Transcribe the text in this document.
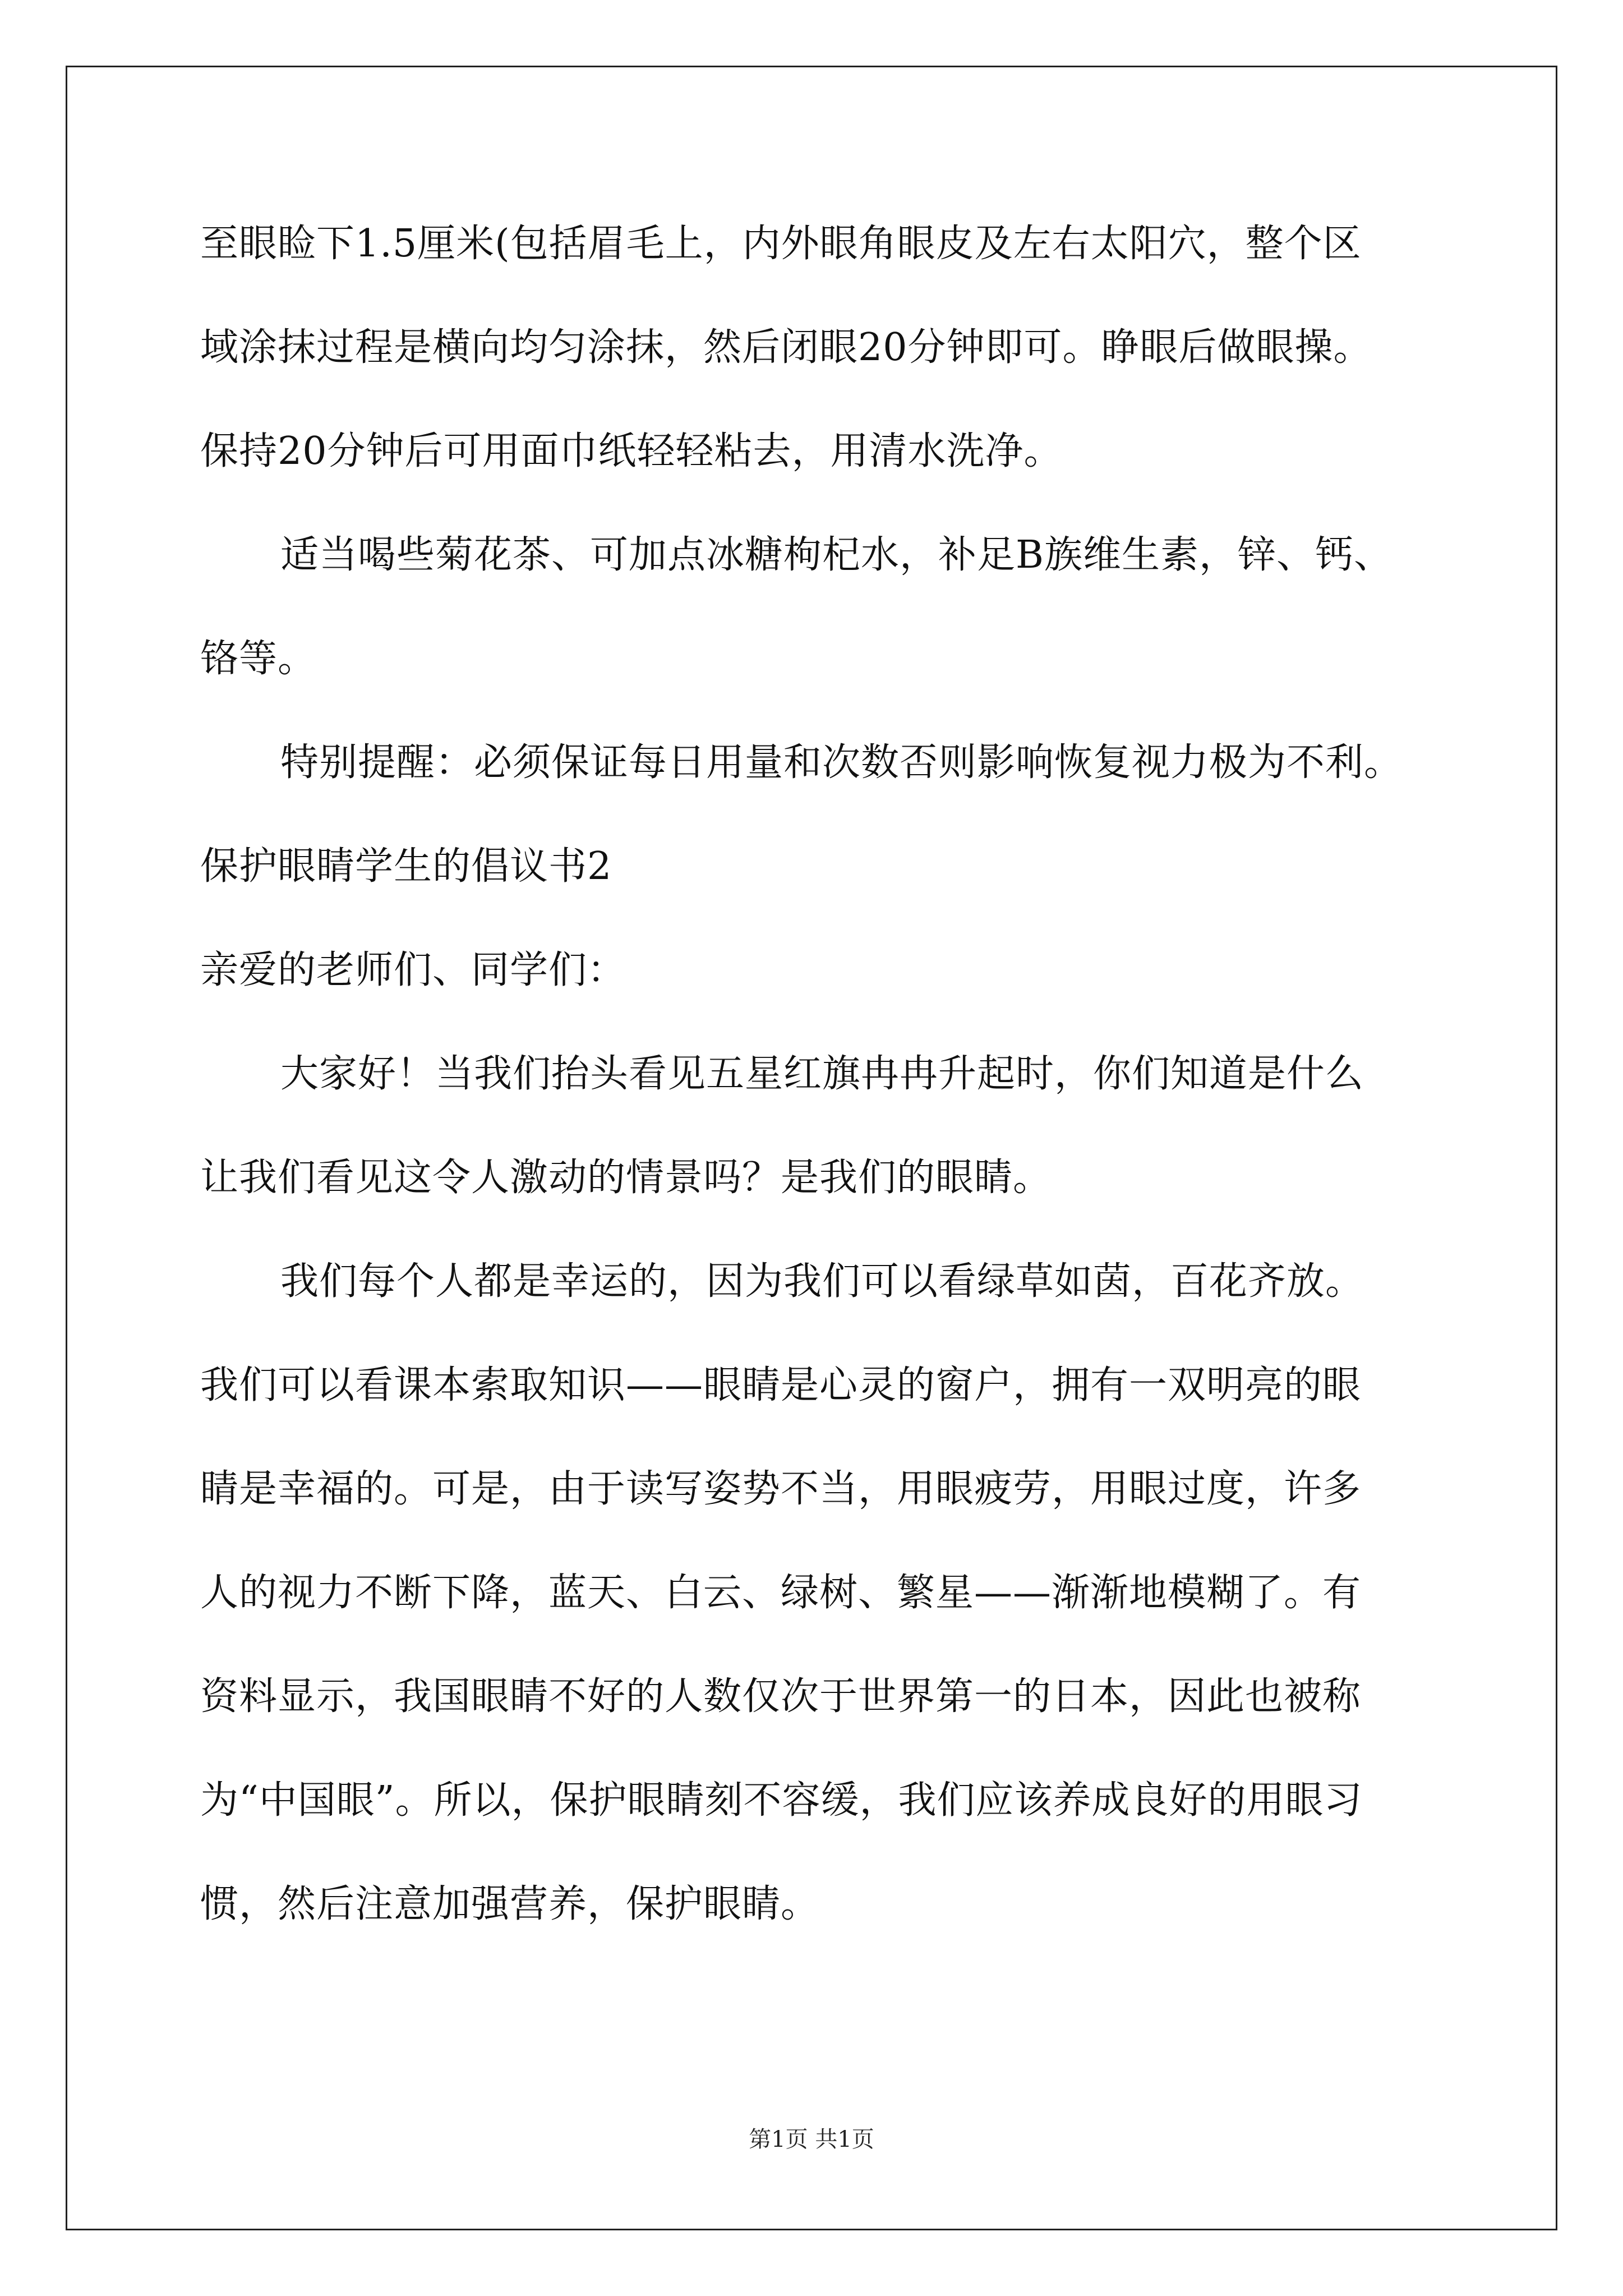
至眼睑下1.5厘米(包括眉毛上，内外眼角眼皮及左右太阳穴，整个区
域涂抹过程是横向均匀涂抹，然后闭眼20分钟即可。睁眼后做眼操。
保持20分钟后可用面巾纸轻轻粘去，用清水洗净。
适当喝些菊花茶、可加点冰糖枸杞水，补足B族维生素，锌、钙、
铬等。
特别提醒：必须保证每日用量和次数否则影响恢复视力极为不利。
保护眼睛学生的倡议书2
亲爱的老师们、同学们：
大家好！当我们抬头看见五星红旗冉冉升起时，你们知道是什么
让我们看见这令人激动的情景吗？是我们的眼睛。
我们每个人都是幸运的，因为我们可以看绿草如茵，百花齐放。
我们可以看课本索取知识——眼睛是心灵的窗户，拥有一双明亮的眼
睛是幸福的。可是，由于读写姿势不当，用眼疲劳，用眼过度，许多
人的视力不断下降，蓝天、白云、绿树、繁星——渐渐地模糊了。有
资料显示，我国眼睛不好的人数仅次于世界第一的日本，因此也被称
为“中国眼”。所以，保护眼睛刻不容缓，我们应该养成良好的用眼习
惯，然后注意加强营养，保护眼睛。
第1页 共1页
